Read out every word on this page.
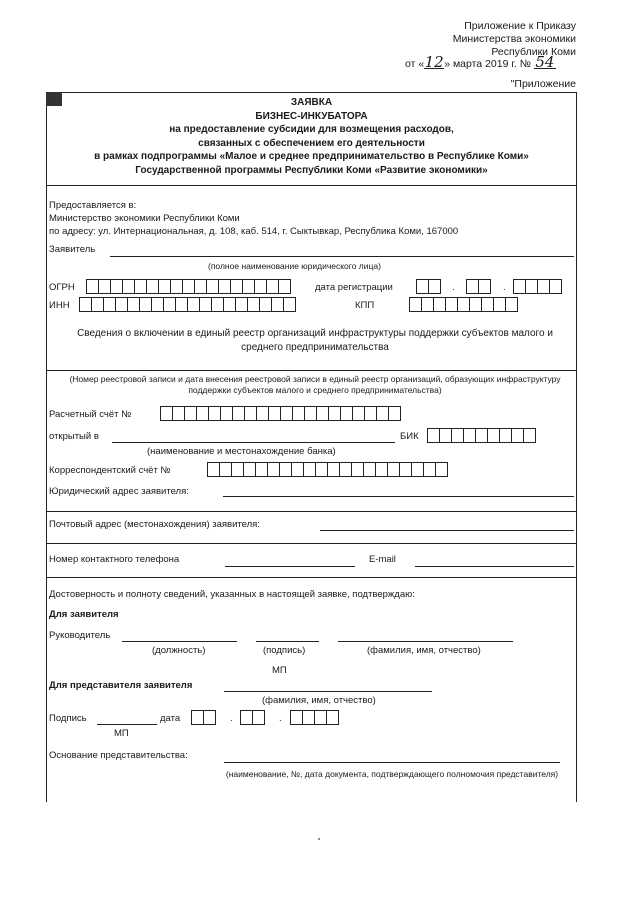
Приложение к Приказу
Министерства экономики
Республики Коми
от «12» марта 2019 г. № 54
"Приложение
ЗАЯВКА
БИЗНЕС-ИНКУБАТОРА
на предоставление субсидии для возмещения расходов,
связанных с обеспечением его деятельности
в рамках подпрограммы «Малое и среднее предпринимательство в Республике Коми»
Государственной программы Республики Коми «Развитие экономики»
Предоставляется в:
Министерство экономики Республики Коми
по адресу: ул. Интернациональная, д. 108, каб. 514, г. Сыктывкар, Республика Коми, 167000
Заявитель
(полное наименование юридического лица)
ОГРН	дата регистрации	.	.
ИНН	КПП
Сведения о включении в единый реестр организаций инфраструктуры поддержки субъектов малого и среднего предпринимательства
(Номер реестровой записи и дата внесения реестровой записи в единый реестр организаций, образующих инфраструктуру поддержки субъектов малого и среднего предпринимательства)
Расчетный счёт №
открытый в	БИК
(наименование и местонахождение банка)
Корреспондентский счёт №
Юридический адрес заявителя:
Почтовый адрес (местонахождения) заявителя:
Номер контактного телефона	E-mail
Достоверность и полноту сведений, указанных в настоящей заявке, подтверждаю:
Для заявителя
Руководитель
(должность)	(подпись)	(фамилия, имя, отчество)
МП
Для представителя заявителя
(фамилия, имя, отчество)
Подпись	дата	.	.
МП
Основание представительства:
(наименование, №, дата документа, подтверждающего полномочия представителя)
